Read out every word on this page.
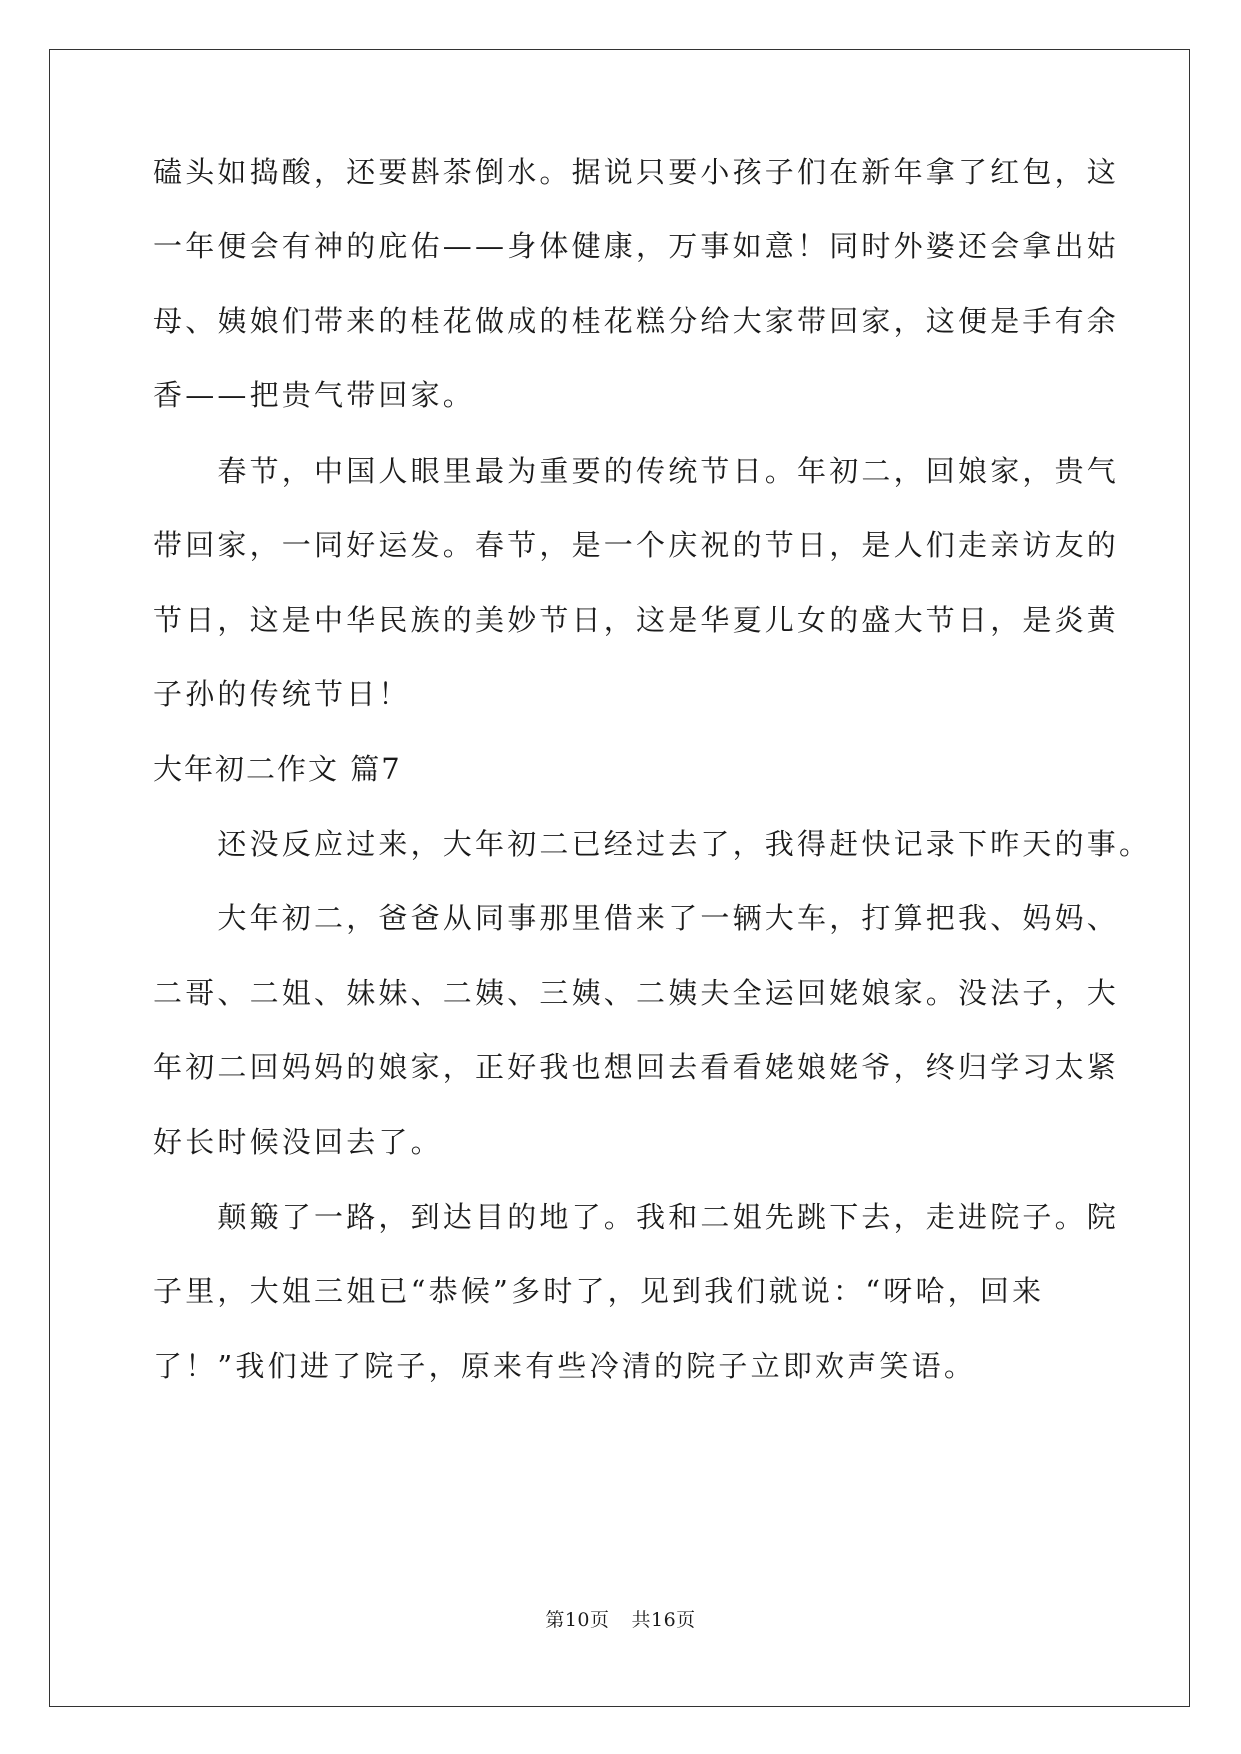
磕头如捣酸，还要斟茶倒水。据说只要小孩子们在新年拿了红包，这
一年便会有神的庇佑——身体健康，万事如意！同时外婆还会拿出姑
母、姨娘们带来的桂花做成的桂花糕分给大家带回家，这便是手有余
香——把贵气带回家。
　　春节，中国人眼里最为重要的传统节日。年初二，回娘家，贵气
带回家，一同好运发。春节，是一个庆祝的节日，是人们走亲访友的
节日，这是中华民族的美妙节日，这是华夏儿女的盛大节日，是炎黄
子孙的传统节日！
大年初二作文 篇7
　　还没反应过来，大年初二已经过去了，我得赶快记录下昨天的事。
　　大年初二，爸爸从同事那里借来了一辆大车，打算把我、妈妈、
二哥、二姐、妹妹、二姨、三姨、二姨夫全运回姥娘家。没法子，大
年初二回妈妈的娘家，正好我也想回去看看姥娘姥爷，终归学习太紧
好长时候没回去了。
　　颠簸了一路，到达目的地了。我和二姐先跳下去，走进院子。院
子里，大姐三姐已“恭候”多时了，见到我们就说：“呀哈，回来
了！”我们进了院子，原来有些冷清的院子立即欢声笑语。
第10页 共16页
